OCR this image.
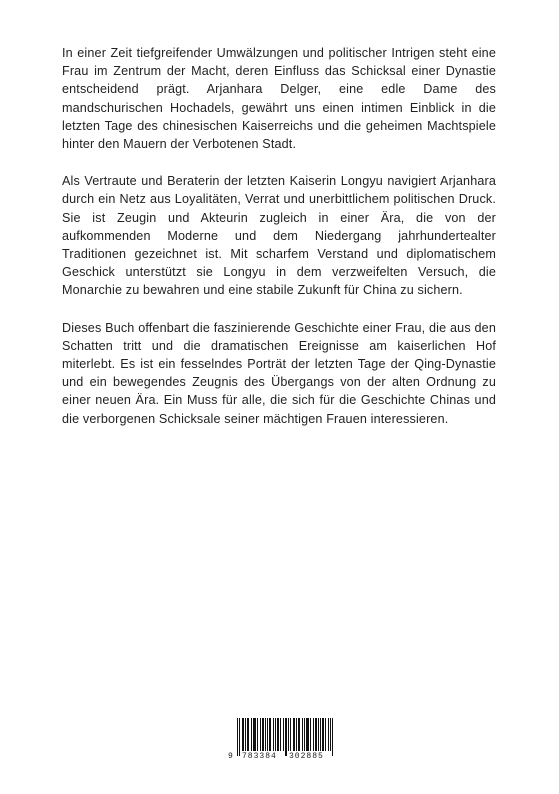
In einer Zeit tiefgreifender Umwälzungen und politischer Intrigen steht eine Frau im Zentrum der Macht, deren Einfluss das Schicksal einer Dynastie entscheidend prägt. Arjanhara Delger, eine edle Dame des mandschurischen Hochadels, gewährt uns einen intimen Einblick in die letzten Tage des chinesischen Kaiserreichs und die geheimen Machtspiele hinter den Mauern der Verbotenen Stadt.

Als Vertraute und Beraterin der letzten Kaiserin Longyu navigiert Arjanhara durch ein Netz aus Loyalitäten, Verrat und unerbittlichem politischen Druck. Sie ist Zeugin und Akteurin zugleich in einer Ära, die von der aufkommenden Moderne und dem Niedergang jahrhundertealter Traditionen gezeichnet ist. Mit scharfem Verstand und diplomatischem Geschick unterstützt sie Longyu in dem verzweifelten Versuch, die Monarchie zu bewahren und eine stabile Zukunft für China zu sichern.

Dieses Buch offenbart die faszinierende Geschichte einer Frau, die aus den Schatten tritt und die dramatischen Ereignisse am kaiserlichen Hof miterlebt. Es ist ein fesselndes Porträt der letzten Tage der Qing-Dynastie und ein bewegendes Zeugnis des Übergangs von der alten Ordnung zu einer neuen Ära. Ein Muss für alle, die sich für die Geschichte Chinas und die verborgenen Schicksale seiner mächtigen Frauen interessieren.

9 783384 302885
